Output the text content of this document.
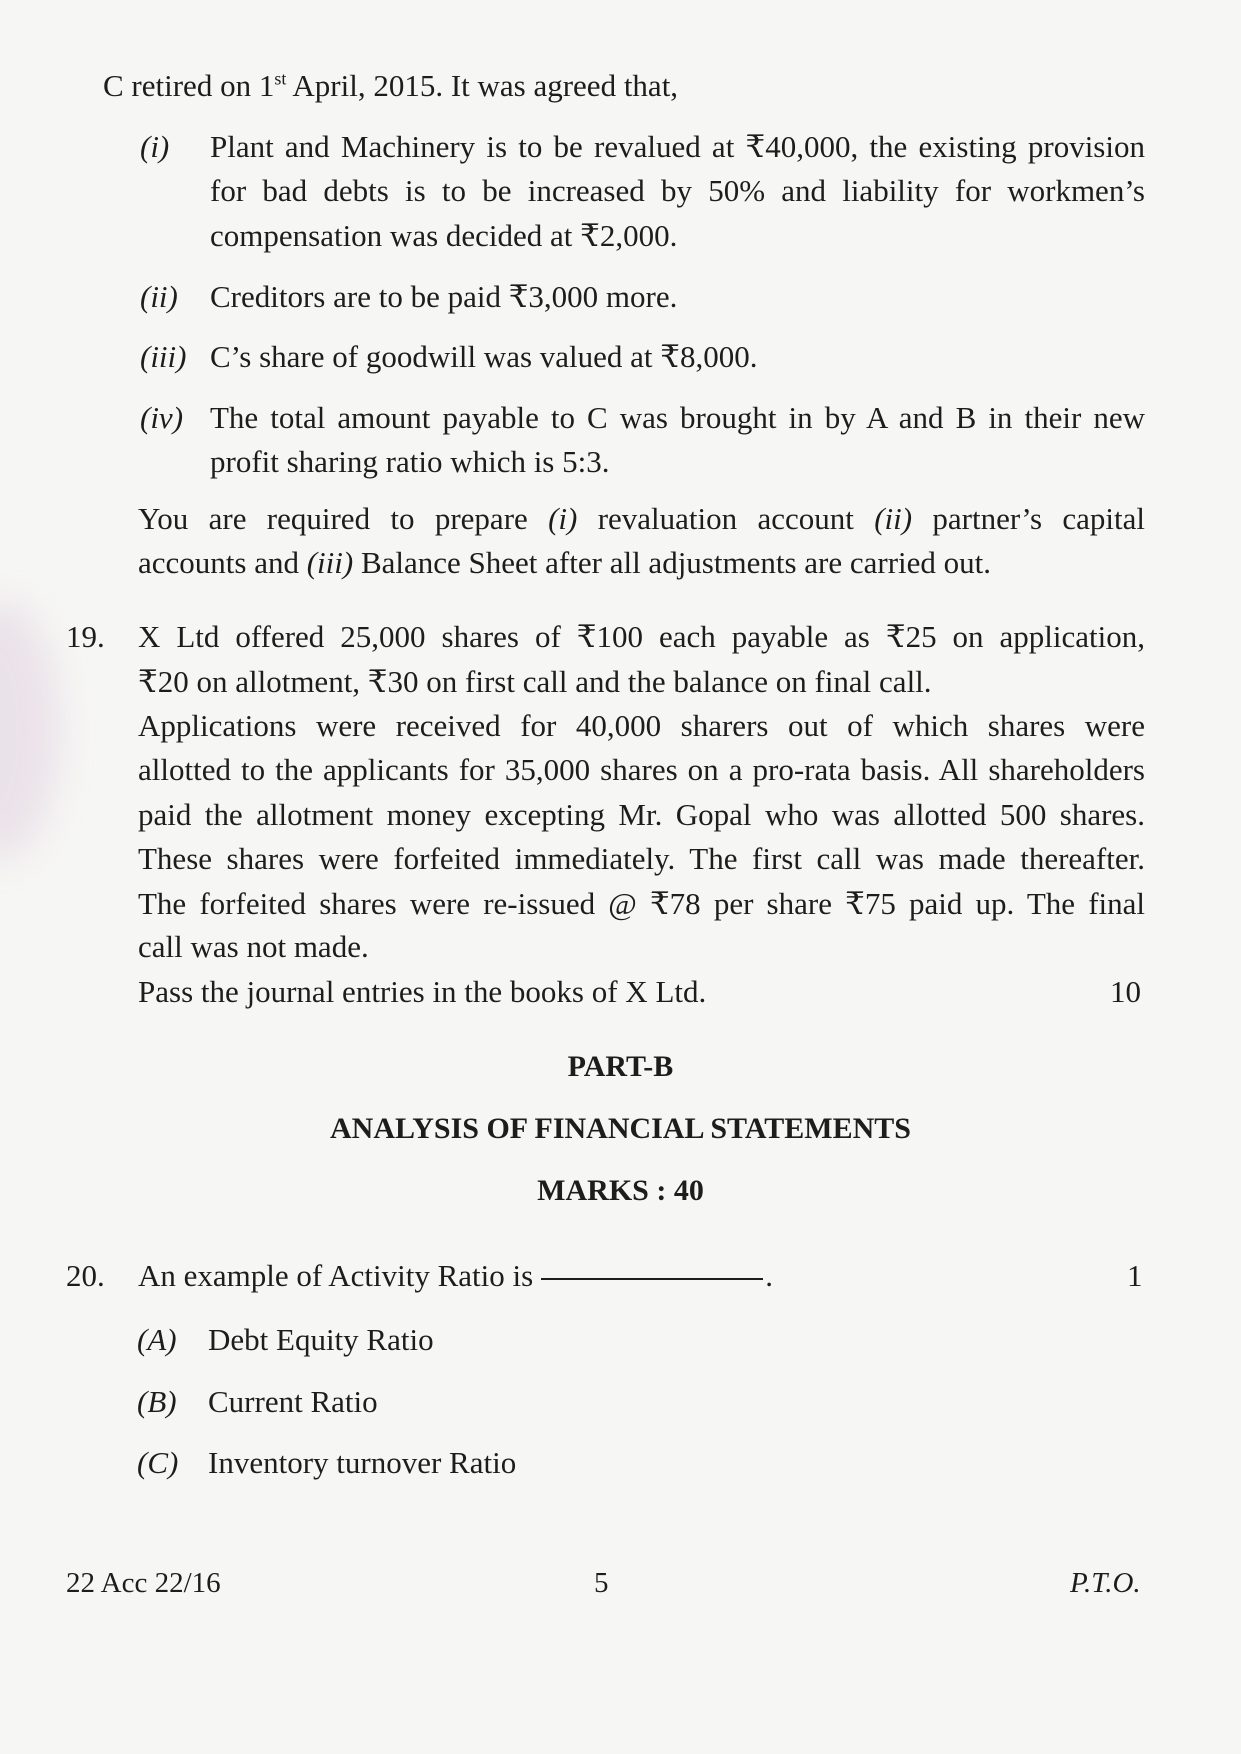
C retired on 1st April, 2015. It was agreed that,
(i) Plant and Machinery is to be revalued at ₹40,000, the existing provision
for bad debts is to be increased by 50% and liability for workmen’s
compensation was decided at ₹2,000.
(ii) Creditors are to be paid ₹3,000 more.
(iii) C’s share of goodwill was valued at ₹8,000.
(iv) The total amount payable to C was brought in by A and B in their new
profit sharing ratio which is 5:3.
You are required to prepare (i) revaluation account (ii) partner’s capital
accounts and (iii) Balance Sheet after all adjustments are carried out.
19. X Ltd offered 25,000 shares of ₹100 each payable as ₹25 on application,
₹20 on allotment, ₹30 on first call and the balance on final call.
Applications were received for 40,000 sharers out of which shares were
allotted to the applicants for 35,000 shares on a pro-rata basis. All shareholders
paid the allotment money excepting Mr. Gopal who was allotted 500 shares.
These shares were forfeited immediately. The first call was made thereafter.
The forfeited shares were re-issued @ ₹78 per share ₹75 paid up. The final
call was not made.
Pass the journal entries in the books of X Ltd.	10
PART-B
ANALYSIS OF FINANCIAL STATEMENTS
MARKS : 40
20. An example of Activity Ratio is	.	1
(A) Debt Equity Ratio
(B) Current Ratio
(C) Inventory turnover Ratio
22 Acc 22/16	5	P.T.O.
